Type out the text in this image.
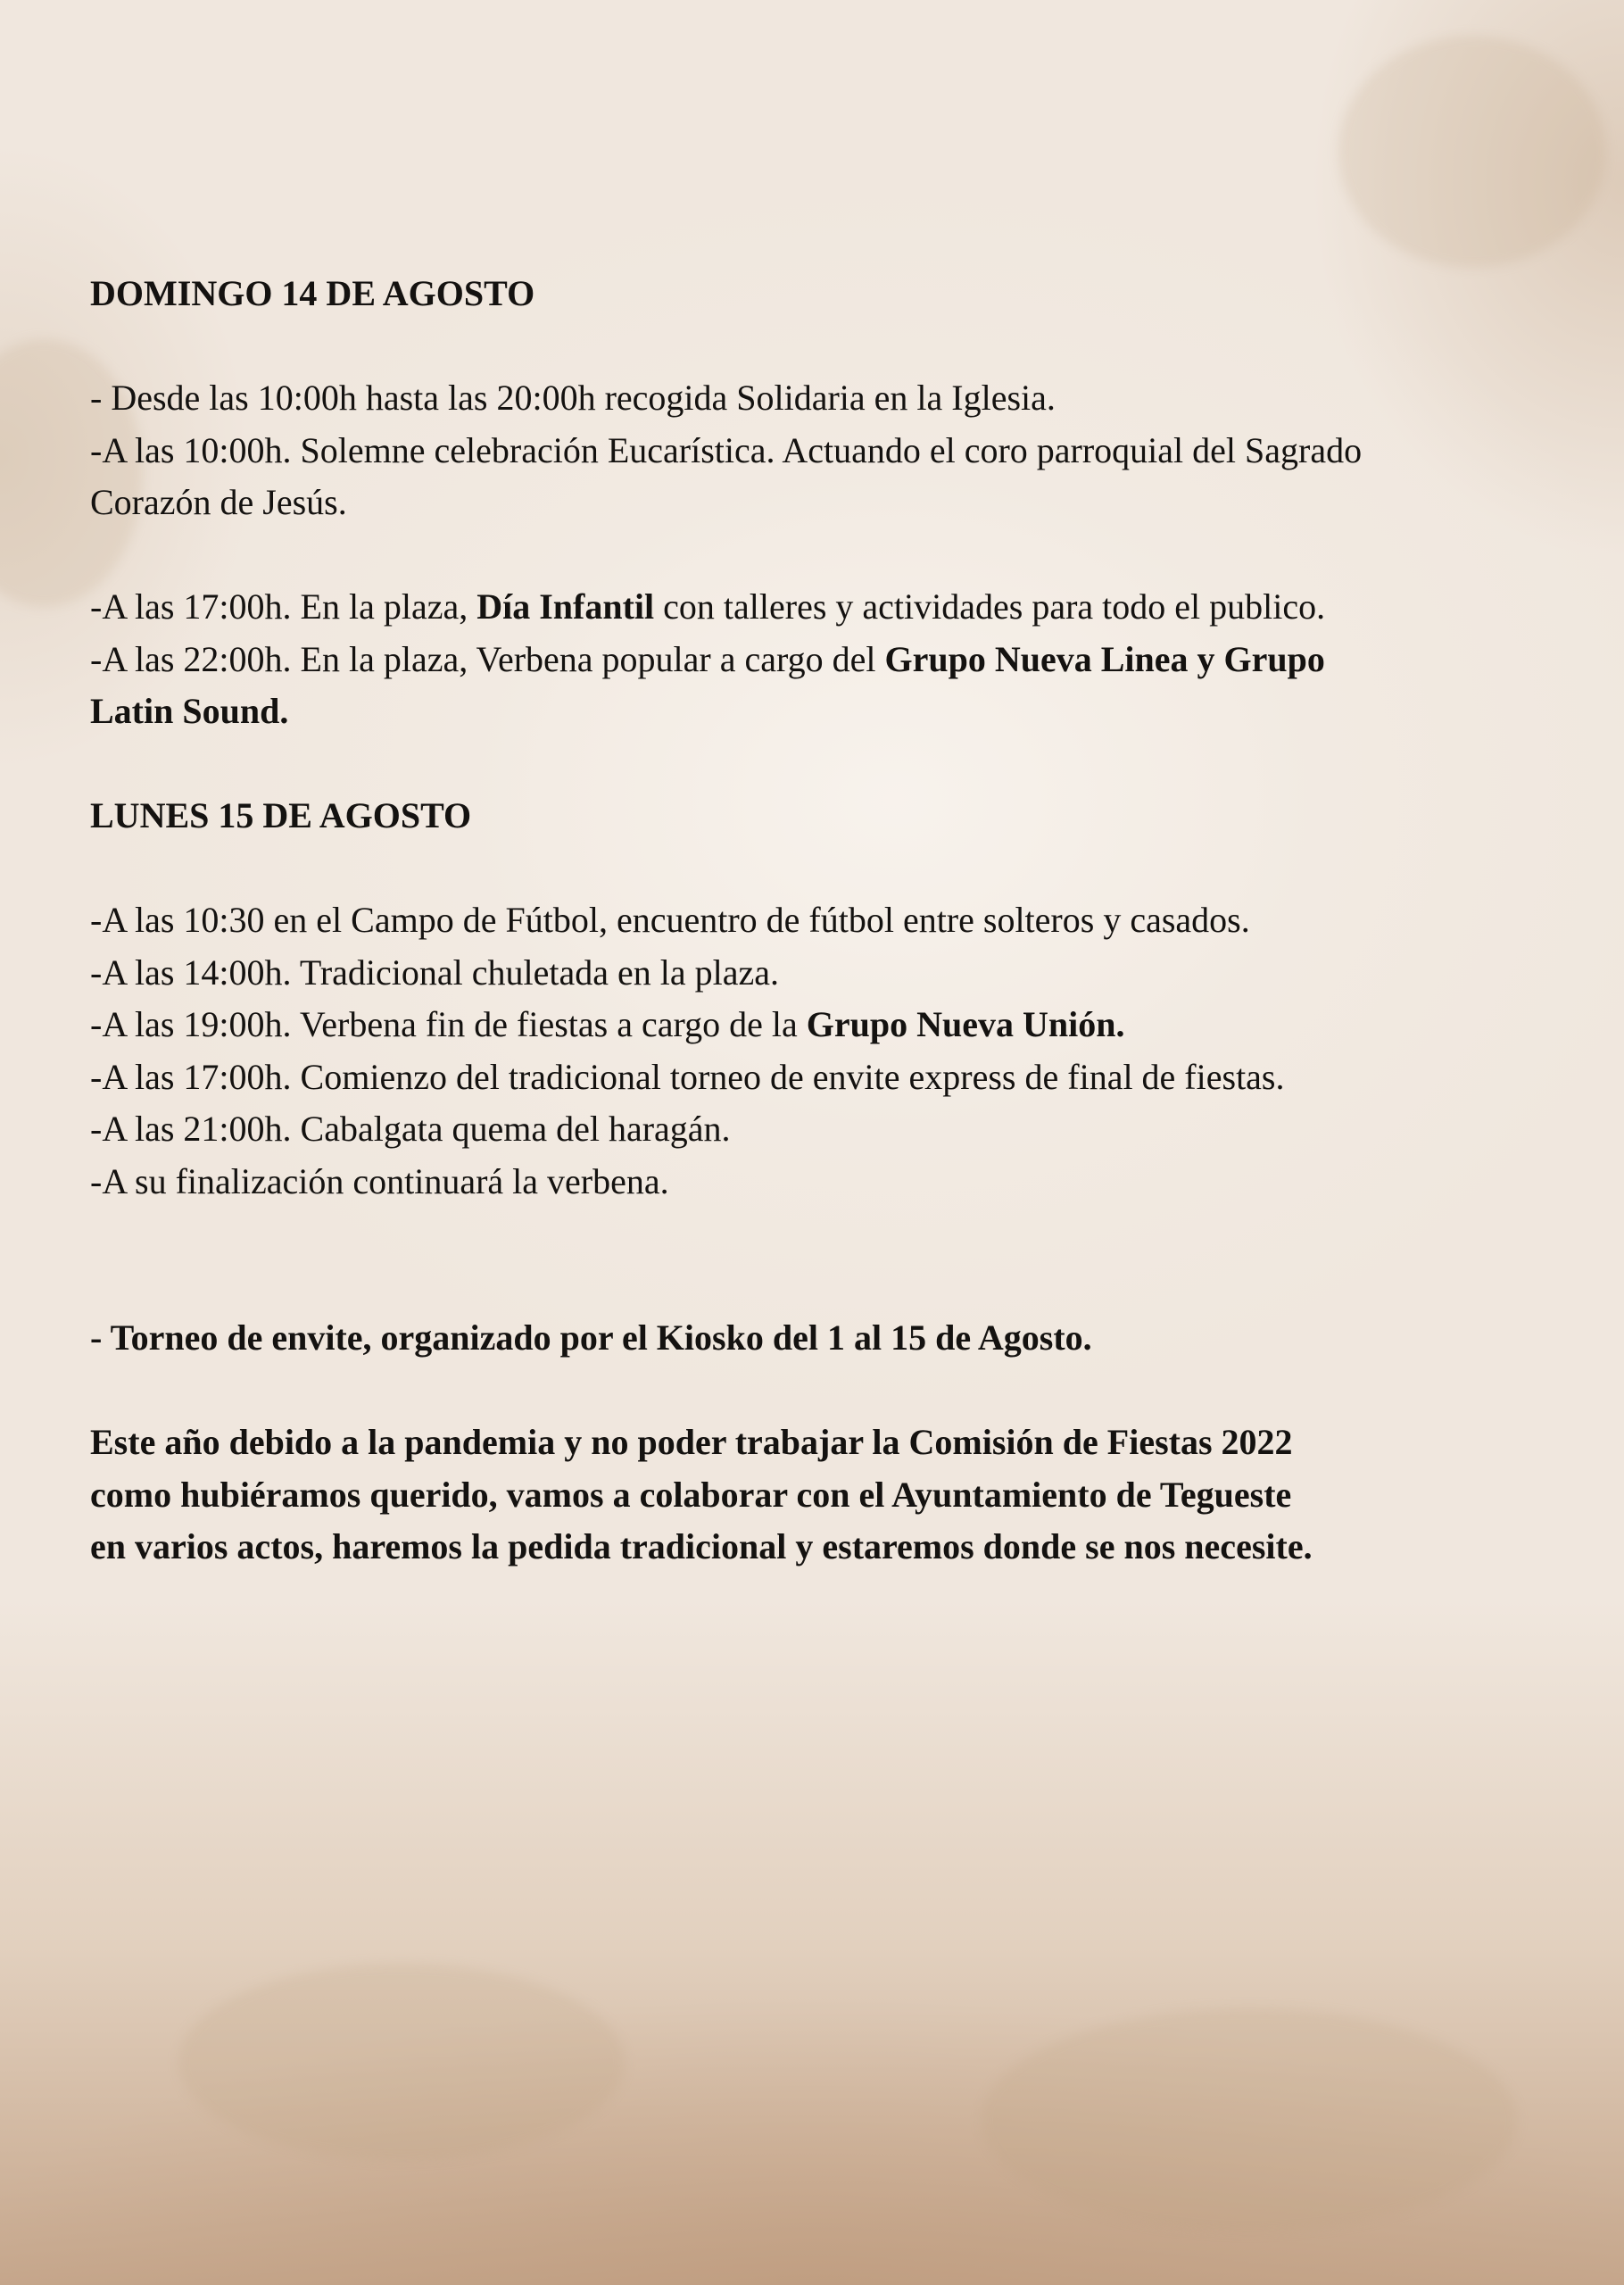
DOMINGO 14 DE AGOSTO
- Desde las 10:00h hasta las 20:00h recogida Solidaria en la Iglesia.
-A las 10:00h. Solemne celebración Eucarística. Actuando el coro parroquial del Sagrado
Corazón de Jesús.
-A las 17:00h. En la plaza, Día Infantil con talleres y actividades para todo el publico.
-A las 22:00h. En la plaza, Verbena popular a cargo del Grupo Nueva Linea y Grupo
Latin Sound.
LUNES 15 DE AGOSTO
-A las 10:30 en el Campo de Fútbol, encuentro de fútbol entre solteros y casados.
-A las 14:00h. Tradicional chuletada en la plaza.
-A las 19:00h. Verbena fin de fiestas a cargo de la Grupo Nueva Unión.
-A las 17:00h. Comienzo del tradicional torneo de envite express de final de fiestas.
-A las 21:00h. Cabalgata quema del haragán.
-A su finalización continuará la verbena.
- Torneo de envite, organizado por el Kiosko del 1 al 15 de Agosto.
Este año debido a la pandemia y no poder trabajar la Comisión de Fiestas 2022
como hubiéramos querido, vamos a colaborar con el Ayuntamiento de Tegueste
en varios actos, haremos la pedida tradicional y estaremos donde se nos necesite.
